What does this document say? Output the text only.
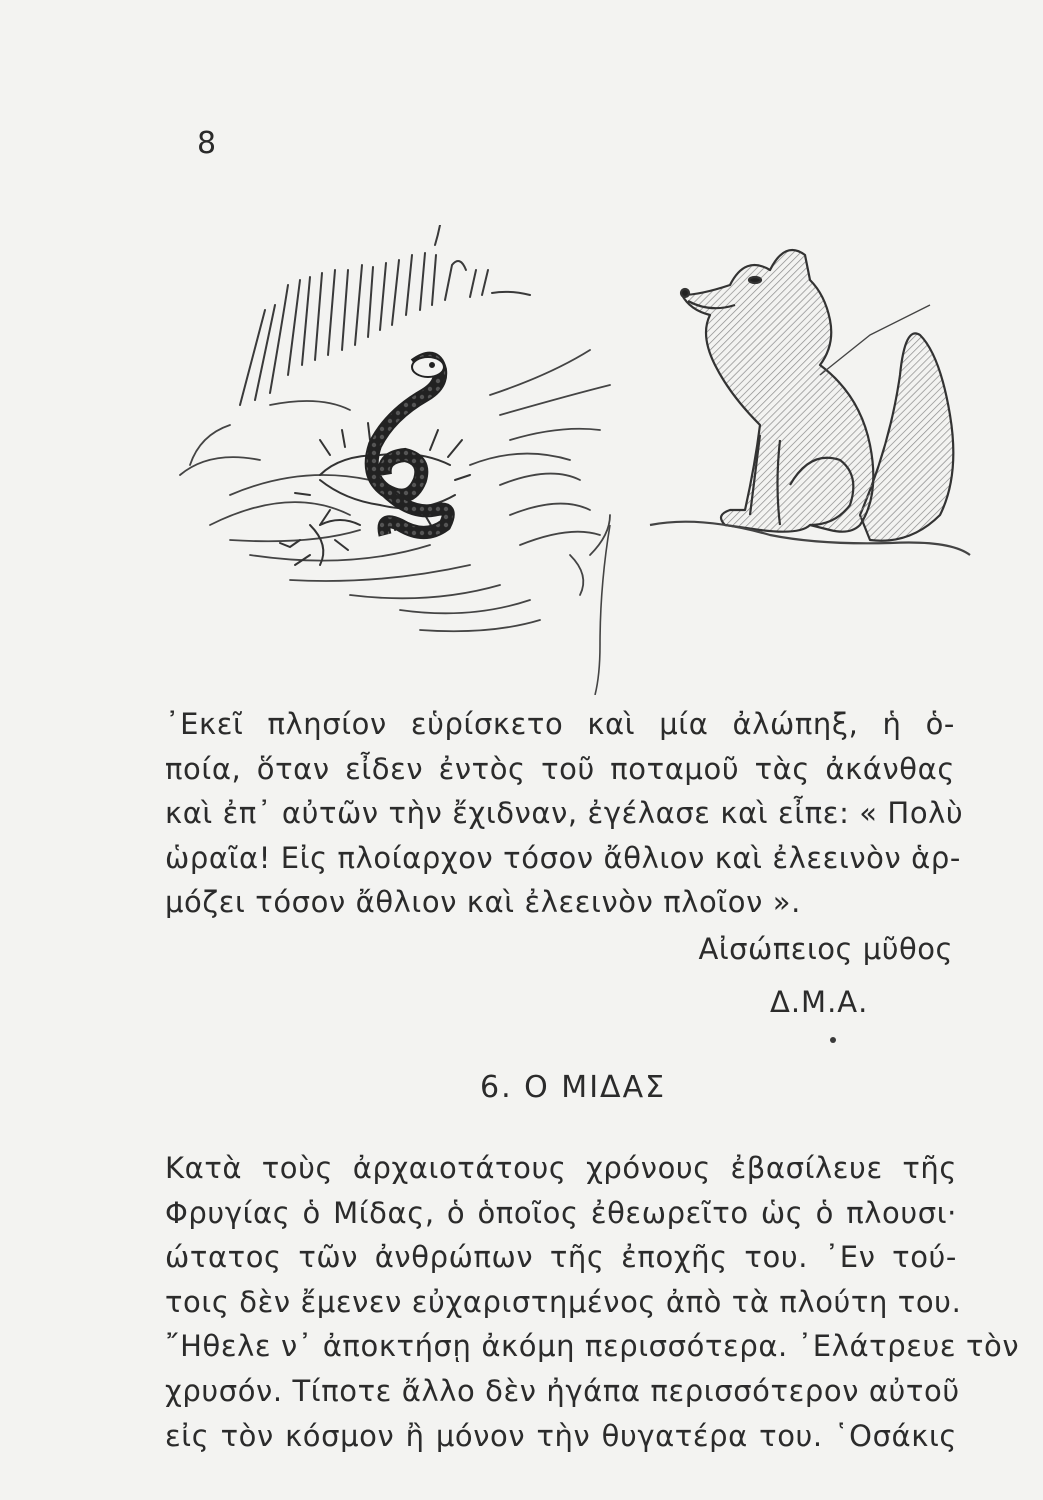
8
᾿Εκεῖ πλησίον εὑρίσκετο καὶ μία ἀλώπηξ, ἡ ὁ-
ποία, ὅταν εἶδεν ἐντὸς τοῦ ποταμοῦ τὰς ἀκάνθας
καὶ ἐπ᾿ αὐτῶν τὴν ἔχιδναν, ἐγέλασε καὶ εἶπε: « Πολὺ
ὡραῖα! Εἰς πλοίαρχον τόσον ἄθλιον καὶ ἐλεεινὸν ἁρ-
μόζει τόσον ἄθλιον καὶ ἐλεεινὸν πλοῖον ».
Αἰσώπειος μῦθος
Δ.Μ.Α.
6. Ο ΜΙΔΑΣ
Κατὰ τοὺς ἀρχαιοτάτους χρόνους ἐβασίλευε τῆς
Φρυγίας ὁ Μίδας, ὁ ὁποῖος ἐθεωρεῖτο ὡς ὁ πλουσι·
ώτατος τῶν ἀνθρώπων τῆς ἐποχῆς του. ᾿Εν τού-
τοις δὲν ἔμενεν εὐχαριστημένος ἀπὸ τὰ πλούτη του.
῎Ηθελε ν᾿ ἀποκτήσῃ ἀκόμη περισσότερα. ᾿Ελάτρευε τὸν
χρυσόν. Τίποτε ἄλλο δὲν ἠγάπα περισσότερον αὐτοῦ
εἰς τὸν κόσμον ἢ μόνον τὴν θυγατέρα του. ῾Οσάκις
